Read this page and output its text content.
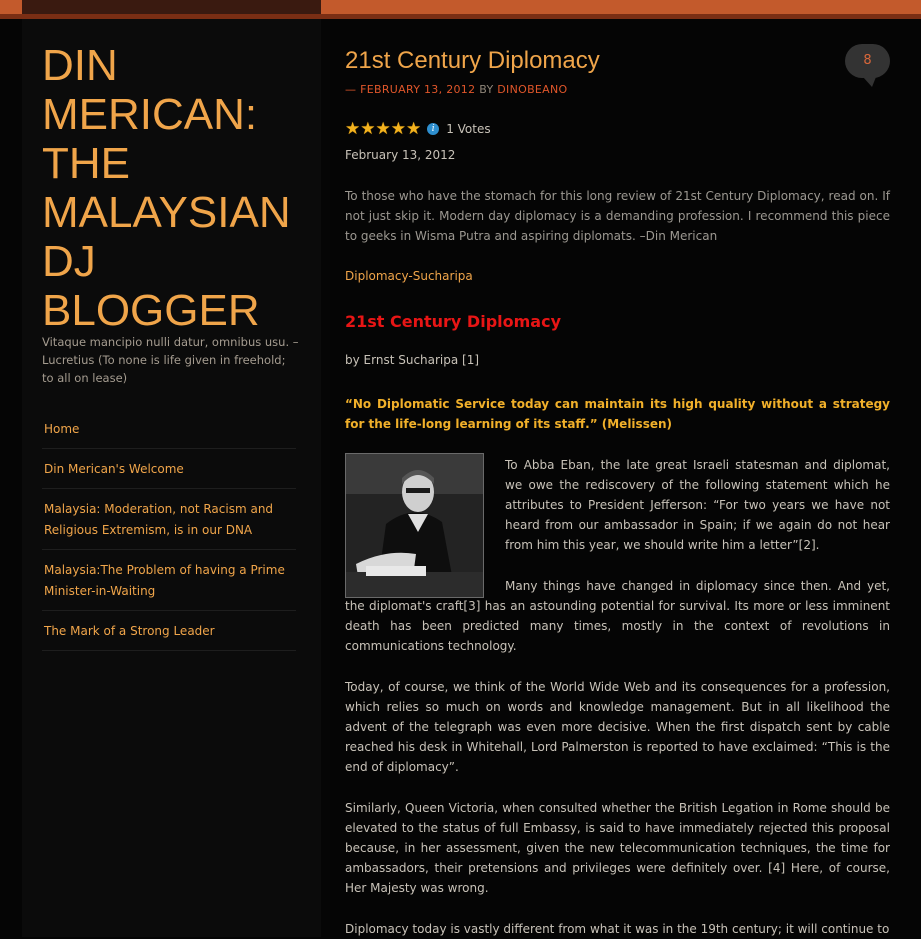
DIN MERICAN: THE MALAYSIAN DJ BLOGGER
Vitaque mancipio nulli datur, omnibus usu. –Lucretius (To none is life given in freehold; to all on lease)
Home
Din Merican's Welcome
Malaysia: Moderation, not Racism and Religious Extremism, is in our DNA
Malaysia:The Problem of having a Prime Minister-in-Waiting
The Mark of a Strong Leader
21st Century Diplomacy
— FEBRUARY 13, 2012 BY DINOBEANO
8
★★★★★	i 1 Votes
February 13, 2012

To those who have the stomach for this long review of 21st Century Diplomacy, read on. If not just skip it. Modern day diplomacy is a demanding profession. I recommend this piece to geeks in Wisma Putra and aspiring diplomats. –Din Merican

Diplomacy-Sucharipa
21st Century Diplomacy
by Ernst Sucharipa [1]

“No Diplomatic Service today can maintain its high quality without a strategy for the life-long learning of its staff.” (Melissen)

To Abba Eban, the late great Israeli statesman and diplomat, we owe the rediscovery of the following statement which he attributes to President Jefferson: “For two years we have not heard from our ambassador in Spain; if we again do not hear from him this year, we should write him a letter”[2].

Many things have changed in diplomacy since then. And yet, the diplomat's craft[3] has an astounding potential for survival. Its more or less imminent death has been predicted many times, mostly in the context of revolutions in communications technology.

Today, of course, we think of the World Wide Web and its consequences for a profession, which relies so much on words and knowledge management. But in all likelihood the advent of the telegraph was even more decisive. When the first dispatch sent by cable reached his desk in Whitehall, Lord Palmerston is reported to have exclaimed: “This is the end of diplomacy”.

Similarly, Queen Victoria, when consulted whether the British Legation in Rome should be elevated to the status of full Embassy, is said to have immediately rejected this proposal because, in her assessment, given the new telecommunication techniques, the time for ambassadors, their pretensions and privileges were definitely over. [4] Here, of course, Her Majesty was wrong.

Diplomacy today is vastly different from what it was in the 19th century; it will continue to
